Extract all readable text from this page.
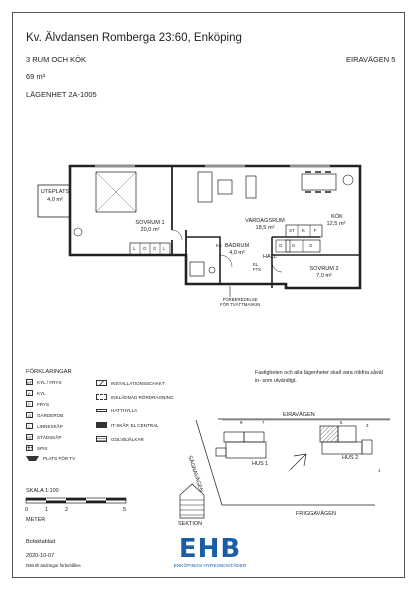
Kv. Älvdansen Romberga 23:60, Enköping
3 RUM OCH KÖK	EIRAVÄGEN 5
69 m²
LÄGENHET 2A-1005
UTEPLATS
4,0 m²
SOVRUM 1
20,0 m²
VARDAGSRUM
18,5 m²
KÖK
12,5 m²
BADRUM
4,0 m²
HALL
SOVRUM 2
7,0 m²
ST K F
G	G
L G G L
G
KS
EL
FTX
FÖRBEREDELSE
FÖR TVÄTTMASKIN
FÖRKLARINGAR
KF KYL / FRYS
K	KYL
F	FRYS
G	GARDEROB
L	LINNESKÅP
ST STÄDSKÅP
SPIS
PLATS FÖR TV
INSTALLATIONSSCHAKT
INKLÄDNAD RÖRDRAGNING
HATTHYLLA
IT-SKÅP, EL CENTRAL
GOLVBJÄLKAR
Fastigheten och alla lägenheter skall vara rökfria såväl in- som utvändigt.
EIRAVÄGEN
FRIGGAVÄGEN
SÄGNAVÄGEN	HUS 1
HUS 2
9	7	5
3
1
SKALA 1:100
0	1	2	5
METER
SEKTION
Bofaktablad
2020-10-07
Rätt till ändringar förbehålles
EHB
ENKÖPINGS HYRESBOSTÄDER
